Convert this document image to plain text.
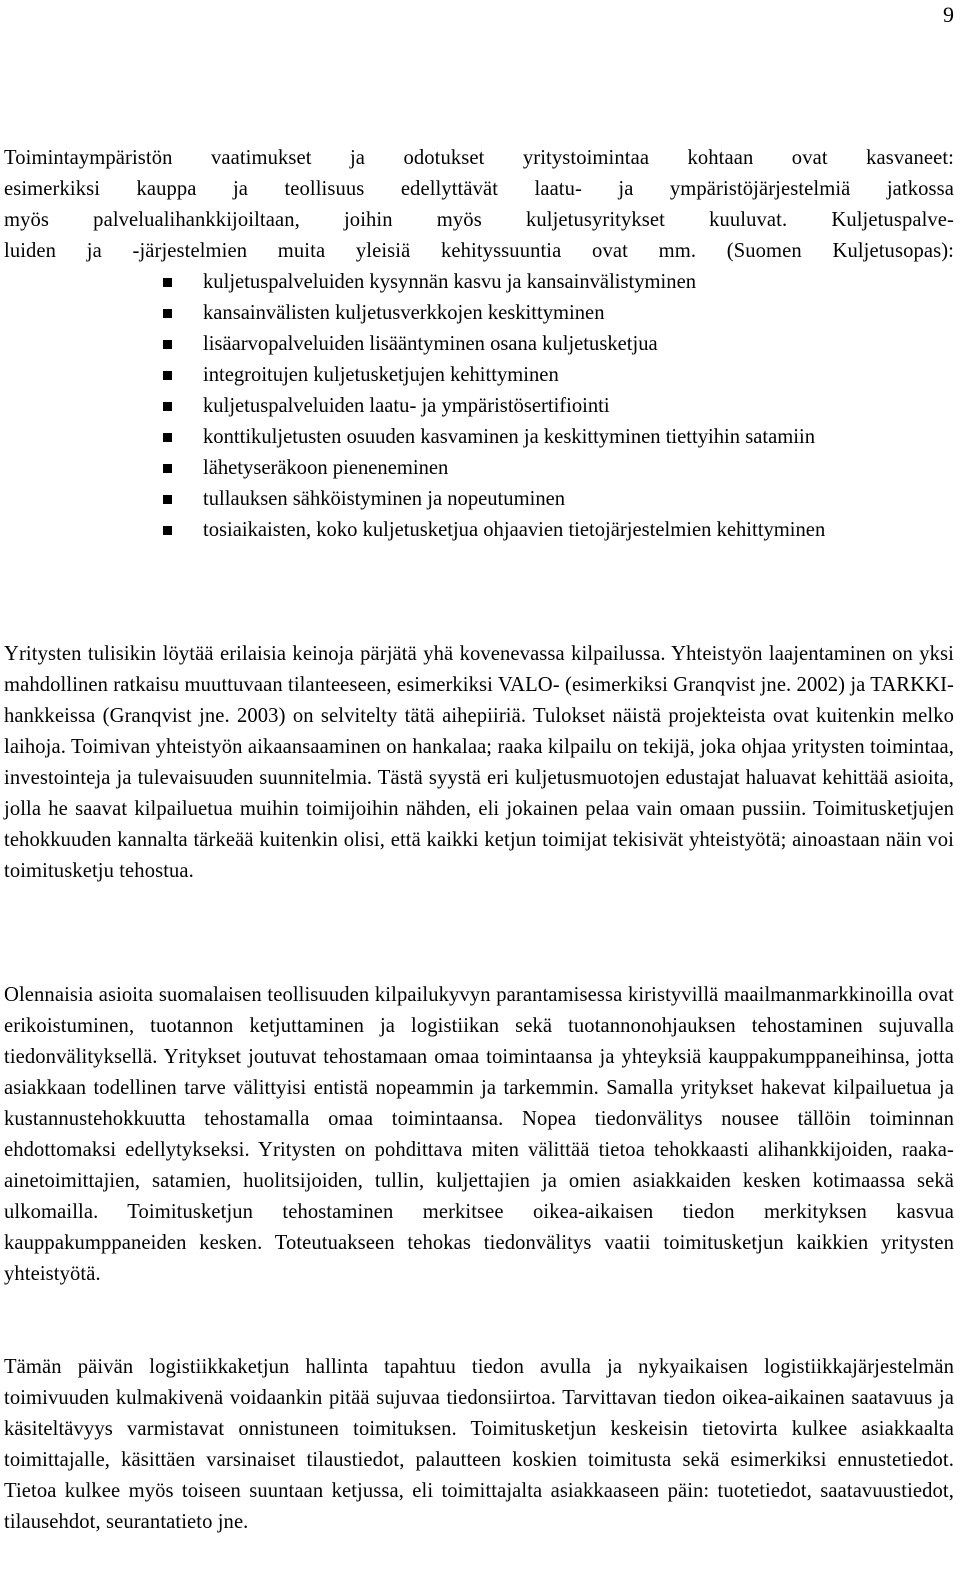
9
Toimintaympäristön vaatimukset ja odotukset yritystoimintaa kohtaan ovat kasvaneet:
esimerkiksi kauppa ja teollisuus edellyttävät laatu- ja ympäristöjärjestelmiä jatkossa
myös palvelualihankkijoiltaan, joihin myös kuljetusyritykset kuuluvat. Kuljetuspalve-
luiden ja -järjestelmien muita yleisiä kehityssuuntia ovat mm. (Suomen Kuljetusopas):
kuljetuspalveluiden kysynnän kasvu ja kansainvälistyminen
kansainvälisten kuljetusverkkojen keskittyminen
lisäarvopalveluiden lisääntyminen osana kuljetusketjua
integroitujen kuljetusketjujen kehittyminen
kuljetuspalveluiden laatu- ja ympäristösertifiointi
konttikuljetusten osuuden kasvaminen ja keskittyminen tiettyihin satamiin
lähetyseräkoon pieneneminen
tullauksen sähköistyminen ja nopeutuminen
tosiaikaisten, koko kuljetusketjua ohjaavien tietojärjestelmien kehittyminen

Yritysten tulisikin löytää erilaisia keinoja pärjätä yhä kovenevassa kilpailussa. Yhteistyön laajentaminen on yksi mahdollinen ratkaisu muuttuvaan tilanteeseen, esimerkiksi VALO- (esimerkiksi Granqvist jne. 2002) ja TARKKI-hankkeissa (Granqvist jne. 2003) on selvitelty tätä aihepiiriä. Tulokset näistä projekteista ovat kuitenkin melko laihoja. Toimivan yhteistyön aikaansaaminen on hankalaa; raaka kilpailu on tekijä, joka ohjaa yritysten toimintaa, investointeja ja tulevaisuuden suunnitelmia. Tästä syystä eri kuljetusmuotojen edustajat haluavat kehittää asioita, jolla he saavat kilpailuetua muihin toimijoihin nähden, eli jokainen pelaa vain omaan pussiin. Toimitusketjujen tehokkuuden kannalta tärkeää kuitenkin olisi, että kaikki ketjun toimijat tekisivät yhteistyötä; ainoastaan näin voi toimitusketju tehostua.

Olennaisia asioita suomalaisen teollisuuden kilpailukyvyn parantamisessa kiristyvillä maailmanmarkkinoilla ovat erikoistuminen, tuotannon ketjuttaminen ja logistiikan sekä tuotannonohjauksen tehostaminen sujuvalla tiedonvälityksellä. Yritykset joutuvat tehostamaan omaa toimintaansa ja yhteyksiä kauppakumppaneihinsa, jotta asiakkaan todellinen tarve välittyisi entistä nopeammin ja tarkemmin. Samalla yritykset hakevat kilpailuetua ja kustannustehokkuutta tehostamalla omaa toimintaansa. Nopea tiedonvälitys nousee tällöin toiminnan ehdottomaksi edellytykseksi. Yritysten on pohdittava miten välittää tietoa tehokkaasti alihankkijoiden, raaka-ainetoimittajien, satamien, huolitsijoiden, tullin, kuljettajien ja omien asiakkaiden kesken kotimaassa sekä ulkomailla. Toimitusketjun tehostaminen merkitsee oikea-aikaisen tiedon merkityksen kasvua kauppakumppaneiden kesken. Toteutuakseen tehokas tiedonvälitys vaatii toimitusketjun kaikkien yritysten yhteistyötä.

Tämän päivän logistiikkaketjun hallinta tapahtuu tiedon avulla ja nykyaikaisen logistiikkajärjestelmän toimivuuden kulmakivenä voidaankin pitää sujuvaa tiedonsiirtoa. Tarvittavan tiedon oikea-aikainen saatavuus ja käsiteltävyys varmistavat onnistuneen toimituksen. Toimitusketjun keskeisin tietovirta kulkee asiakkaalta toimittajalle, käsittäen varsinaiset tilaustiedot, palautteen koskien toimitusta sekä esimerkiksi ennustetiedot. Tietoa kulkee myös toiseen suuntaan ketjussa, eli toimittajalta asiakkaaseen päin: tuotetiedot, saatavuustiedot, tilausehdot, seurantatieto jne.
